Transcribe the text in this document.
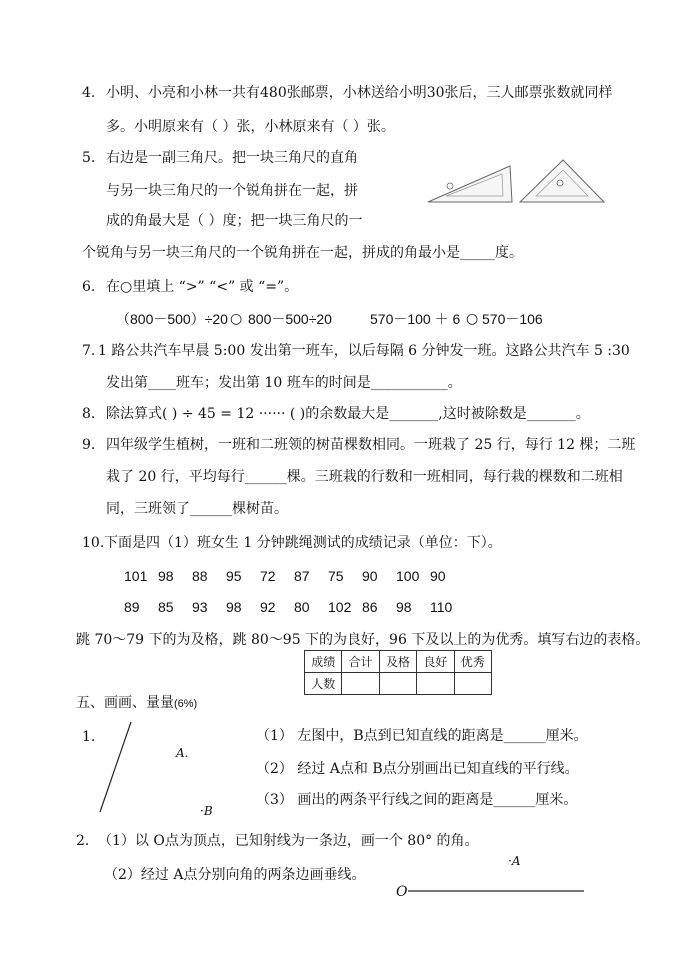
4. 小明、小亮和小林一共有480张邮票，小林送给小明30张后，三人邮票张数就同样
多。小明原来有（ ）张，小林原来有（ ）张。
5. 右边是一副三角尺。把一块三角尺的直角
与另一块三角尺的一个锐角拼在一起，拼
成的角最大是（ ）度；把一块三角尺的一
个锐角与另一块三角尺的一个锐角拼在一起，拼成的角最小是_____度。
6. 在○里填上 “>” “<” 或 “=”。
（800－500）÷20 ○ 800－500÷20	570－100 ＋ 6 ○ 570－106
7. 1 路公共汽车早晨 5:00 发出第一班车，以后每隔 6 分钟发一班。这路公共汽车 5 :30
发出第____班车；发出第 10 班车的时间是___________。
8. 除法算式( ) ÷ 45 = 12 ······ ( )的余数最大是_______,这时被除数是_______。
9. 四年级学生植树，一班和二班领的树苗棵数相同。一班栽了 25 行，每行 12 棵；二班
栽了 20 行，平均每行______棵。三班栽的行数和一班相同，每行栽的棵数和二班相
同，三班领了______棵树苗。
10. 下面是四（1）班女生 1 分钟跳绳测试的成绩记录（单位：下）。
101 98 88 95 72 87 75 90 100 90
89 85 93 98 92 80 102 86 98 110
跳 70～79 下的为及格，跳 80～95 下的为良好，96 下及以上的为优秀。填写右边的表格。
成绩	合计	及格	良好	优秀
人数				
五、画画、量量(6%)
1.
A.
·B
（1） 左图中，B点到已知直线的距离是______厘米。
（2） 经过 A点和 B点分别画出已知直线的平行线。
（3） 画出的两条平行线之间的距离是______厘米。
2. （1）以 O点为顶点，已知射线为一条边，画一个 80° 的角。
（2）经过 A点分别向角的两条边画垂线。
·A
O
